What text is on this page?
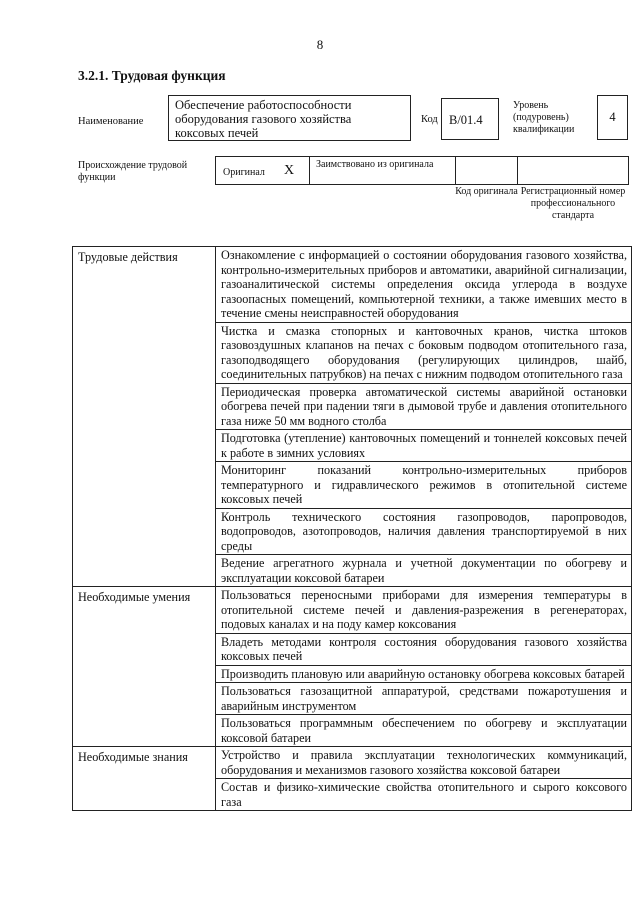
8
3.2.1. Трудовая функция
Наименование
Обеспечение работоспособности оборудования газового хозяйства коксовых печей
Код B/01.4
Уровень (подуровень) квалификации
4
Происхождение трудовой функции	Оригинал X Заимствовано из оригинала
Код оригинала Регистрационный номер профессионального стандарта
Трудовые действия	Ознакомление с информацией о состоянии оборудования газового хозяйства, контрольно-измерительных приборов и автоматики, аварийной сигнализации, газоаналитической системы определения оксида углерода в воздухе газоопасных помещений, компьютерной техники, а также имевших место в течение смены неисправностей оборудования
	Чистка и смазка стопорных и кантовочных кранов, чистка штоков газовоздушных клапанов на печах с боковым подводом отопительного газа, газоподводящего оборудования (регулирующих цилиндров, шайб, соединительных патрубков) на печах с нижним подводом отопительного газа
	Периодическая проверка автоматической системы аварийной остановки обогрева печей при падении тяги в дымовой трубе и давления отопительного газа ниже 50 мм водного столба
	Подготовка (утепление) кантовочных помещений и тоннелей коксовых печей к работе в зимних условиях
	Мониторинг показаний контрольно-измерительных приборов температурного и гидравлического режимов в отопительной системе коксовых печей
	Контроль технического состояния газопроводов, паропроводов, водопроводов, азотопроводов, наличия давления транспортируемой в них среды
	Ведение агрегатного журнала и учетной документации по обогреву и эксплуатации коксовой батареи
Необходимые умения	Пользоваться переносными приборами для измерения температуры в отопительной системе печей и давления-разрежения в регенераторах, подовых каналах и на поду камер коксования
	Владеть методами контроля состояния оборудования газового хозяйства коксовых печей
	Производить плановую или аварийную остановку обогрева коксовых батарей
	Пользоваться газозащитной аппаратурой, средствами пожаротушения и аварийным инструментом
	Пользоваться программным обеспечением по обогреву и эксплуатации коксовой батареи
Необходимые знания	Устройство и правила эксплуатации технологических коммуникаций, оборудования и механизмов газового хозяйства коксовой батареи
	Состав и физико-химические свойства отопительного и сырого коксового газа
